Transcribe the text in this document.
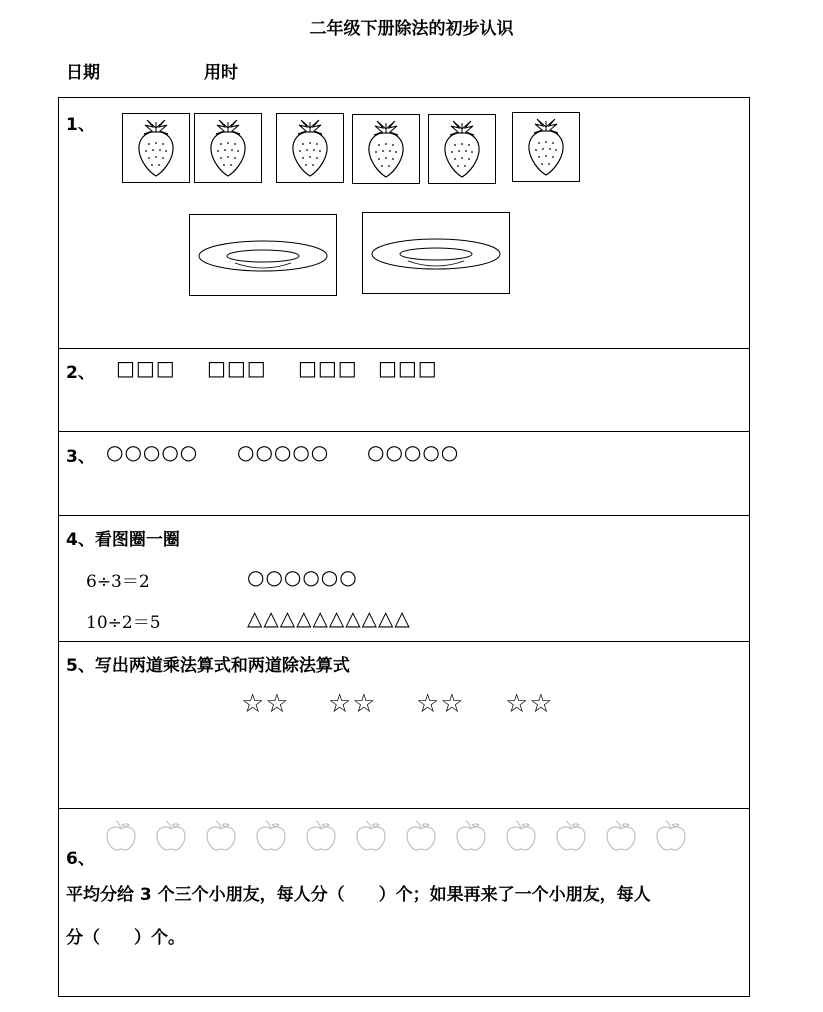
二年级下册除法的初步认识
日期	用时
1、
2、 □□□ □□□ □□□ □□□
3、 ○○○○○ ○○○○○ ○○○○○
4、看图圈一圈
6÷3＝2	○○○○○○
10÷2＝5	△△△△△△△△△△
5、写出两道乘法算式和两道除法算式
☆☆ ☆☆ ☆☆ ☆☆
6、
平均分给 3 个三个小朋友，每人分（　　）个；如果再来了一个小朋友，每人
分（　　）个。
